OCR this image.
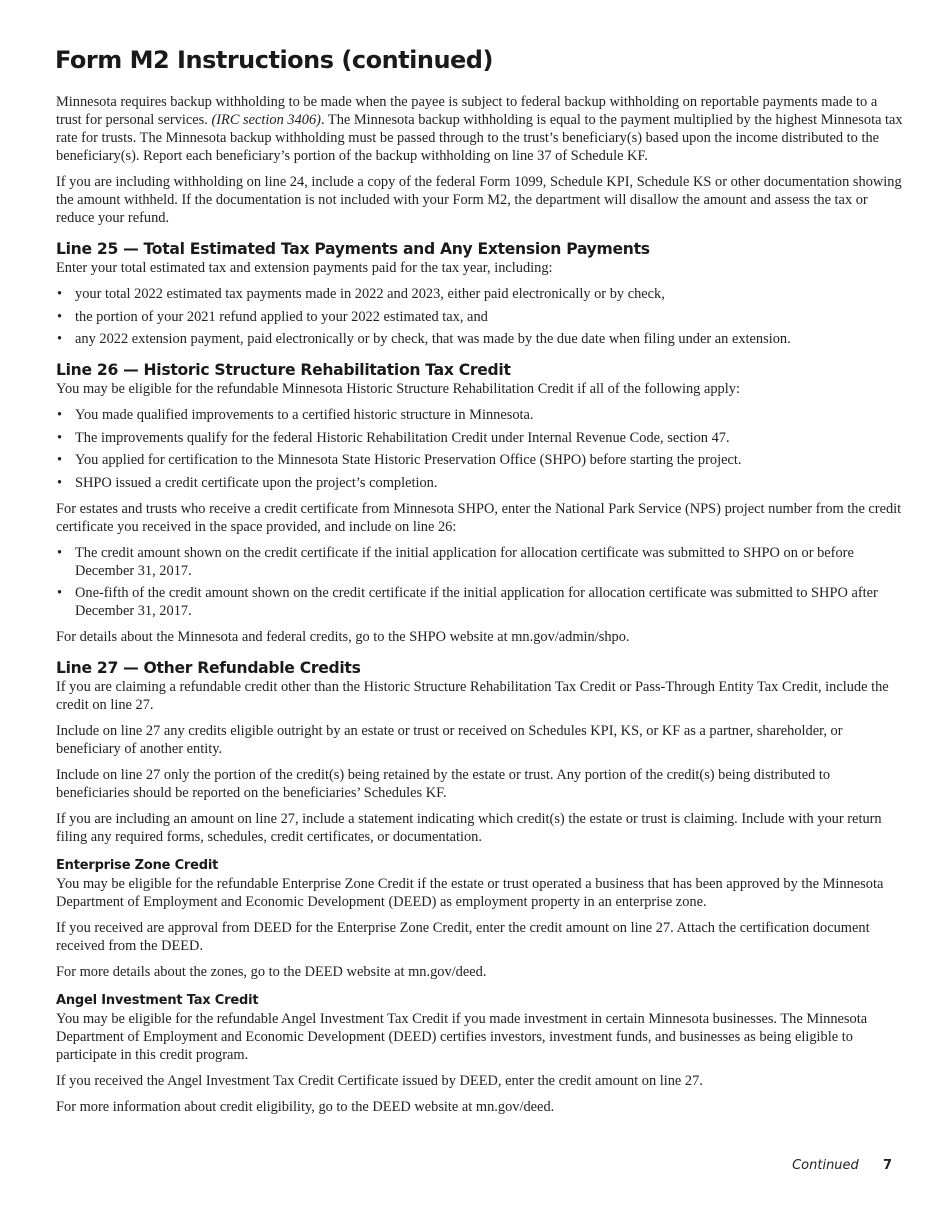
Form M2 Instructions (continued)

Minnesota requires backup withholding to be made when the payee is subject to federal backup withholding on reportable payments made to a trust for personal services. (IRC section 3406). The Minnesota backup withholding is equal to the payment multiplied by the highest Minnesota tax rate for trusts. The Minnesota backup withholding must be passed through to the trust’s beneficiary(s) based upon the income distributed to the beneficiary(s). Report each beneficiary’s portion of the backup withholding on line 37 of Schedule KF.

If you are including withholding on line 24, include a copy of the federal Form 1099, Schedule KPI, Schedule KS or other documentation showing the amount withheld. If the documentation is not included with your Form M2, the department will disallow the amount and assess the tax or reduce your refund.

Line 25 — Total Estimated Tax Payments and Any Extension Payments

Enter your total estimated tax and extension payments paid for the tax year, including:

• your total 2022 estimated tax payments made in 2022 and 2023, either paid electronically or by check,
• the portion of your 2021 refund applied to your 2022 estimated tax, and
• any 2022 extension payment, paid electronically or by check, that was made by the due date when filing under an extension.
Line 26 — Historic Structure Rehabilitation Tax Credit

You may be eligible for the refundable Minnesota Historic Structure Rehabilitation Credit if all of the following apply:

• You made qualified improvements to a certified historic structure in Minnesota.
• The improvements qualify for the federal Historic Rehabilitation Credit under Internal Revenue Code, section 47.
• You applied for certification to the Minnesota State Historic Preservation Office (SHPO) before starting the project.
• SHPO issued a credit certificate upon the project’s completion.

For estates and trusts who receive a credit certificate from Minnesota SHPO, enter the National Park Service (NPS) project number from the credit certificate you received in the space provided, and include on line 26:

• The credit amount shown on the credit certificate if the initial application for allocation certificate was submitted to SHPO on or before December 31, 2017.
• One-fifth of the credit amount shown on the credit certificate if the initial application for allocation certificate was submitted to SHPO after December 31, 2017.

For details about the Minnesota and federal credits, go to the SHPO website at mn.gov/admin/shpo.

Line 27 — Other Refundable Credits

If you are claiming a refundable credit other than the Historic Structure Rehabilitation Tax Credit or Pass-Through Entity Tax Credit, include the credit on line 27.

Include on line 27 any credits eligible outright by an estate or trust or received on Schedules KPI, KS, or KF as a partner, shareholder, or beneficiary of another entity.

Include on line 27 only the portion of the credit(s) being retained by the estate or trust. Any portion of the credit(s) being distributed to beneficiaries should be reported on the beneficiaries’ Schedules KF.

If you are including an amount on line 27, include a statement indicating which credit(s) the estate or trust is claiming. Include with your return filing any required forms, schedules, credit certificates, or documentation.

Enterprise Zone Credit

You may be eligible for the refundable Enterprise Zone Credit if the estate or trust operated a business that has been approved by the Minnesota Department of Employment and Economic Development (DEED) as employment property in an enterprise zone.

If you received are approval from DEED for the Enterprise Zone Credit, enter the credit amount on line 27. Attach the certification document received from the DEED.

For more details about the zones, go to the DEED website at mn.gov/deed.

Angel Investment Tax Credit

You may be eligible for the refundable Angel Investment Tax Credit if you made investment in certain Minnesota businesses. The Minnesota Department of Employment and Economic Development (DEED) certifies investors, investment funds, and businesses as being eligible to participate in this credit program.

If you received the Angel Investment Tax Credit Certificate issued by DEED, enter the credit amount on line 27.

For more information about credit eligibility, go to the DEED website at mn.gov/deed.

Continued 7
